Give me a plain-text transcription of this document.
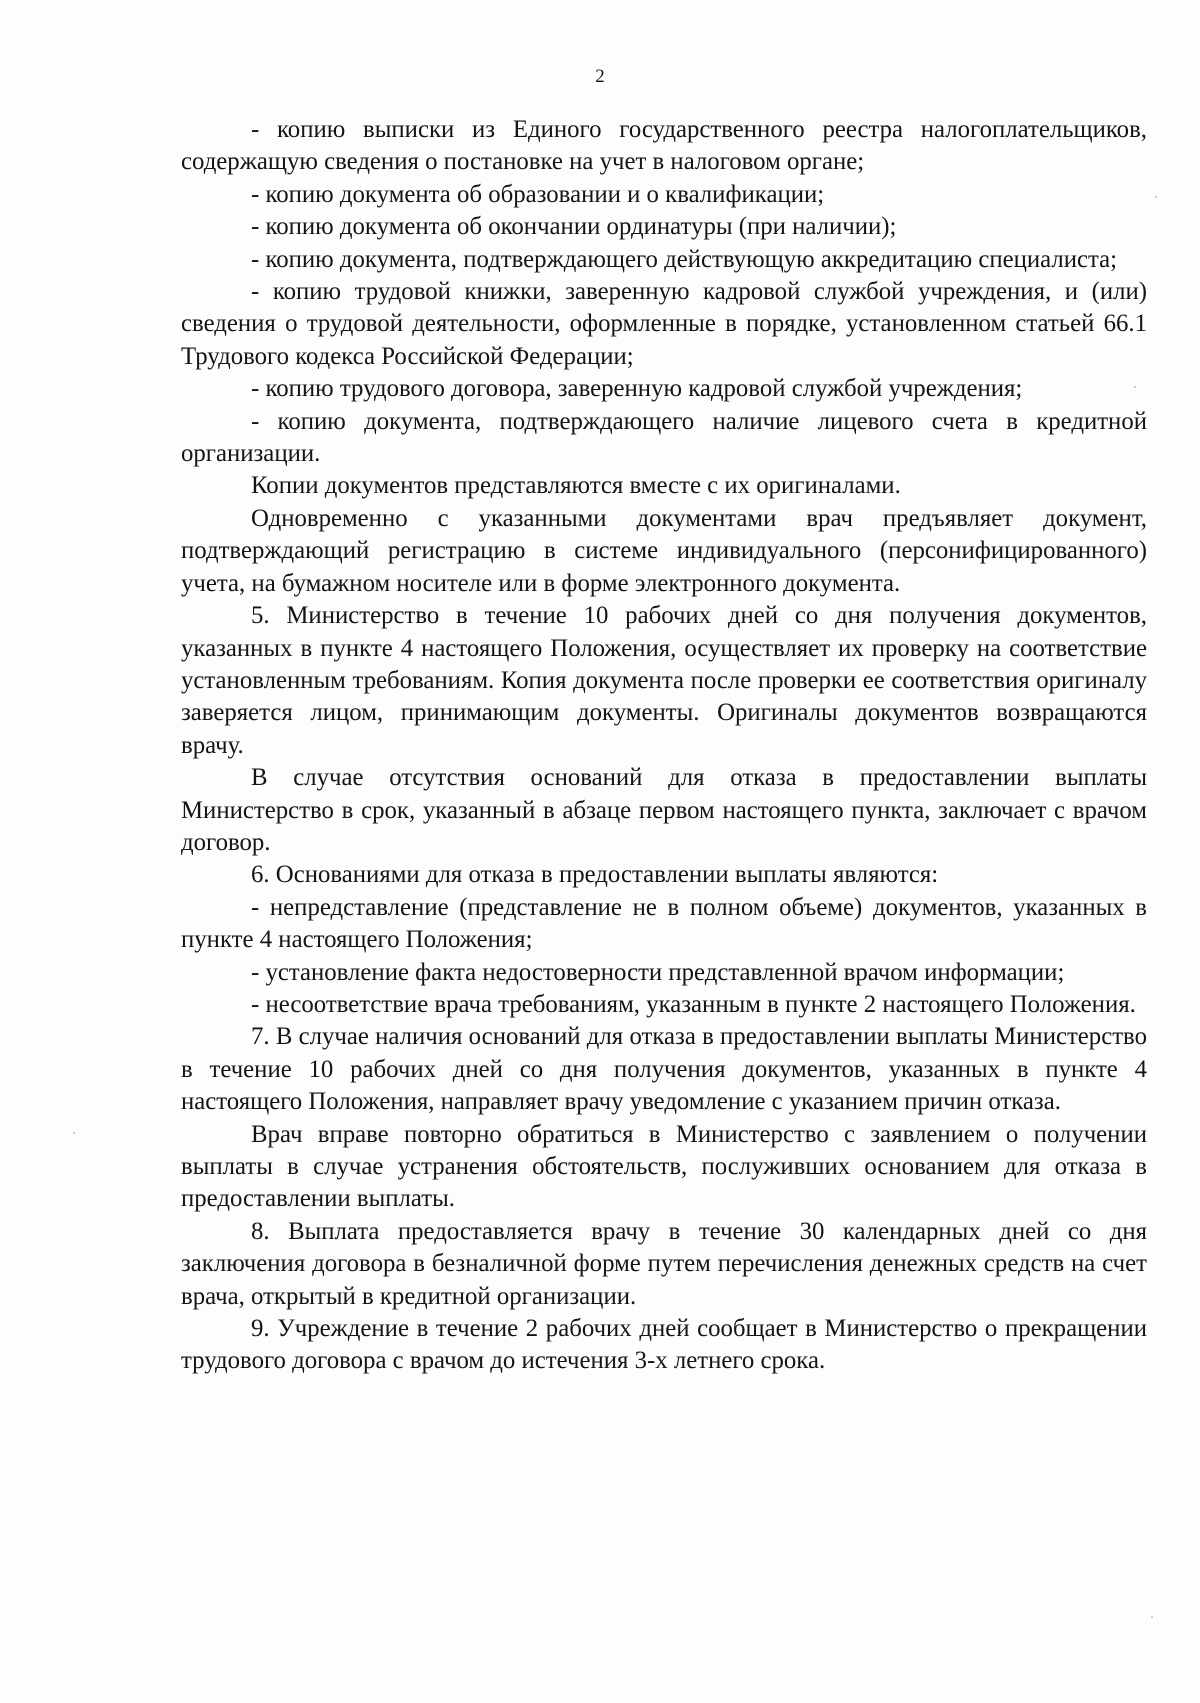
2

- копию выписки из Единого государственного реестра налогоплательщиков, содержащую сведения о постановке на учет в налоговом органе;

- копию документа об образовании и о квалификации;

- копию документа об окончании ординатуры (при наличии);

- копию документа, подтверждающего действующую аккредитацию специалиста;

- копию трудовой книжки, заверенную кадровой службой учреждения, и (или) сведения о трудовой деятельности, оформленные в порядке, установленном статьей 66.1 Трудового кодекса Российской Федерации;

- копию трудового договора, заверенную кадровой службой учреждения;

- копию документа, подтверждающего наличие лицевого счета в кредитной организации.

Копии документов представляются вместе с их оригиналами.

Одновременно с указанными документами врач предъявляет документ, подтверждающий регистрацию в системе индивидуального (персонифицированного) учета, на бумажном носителе или в форме электронного документа.

5. Министерство в течение 10 рабочих дней со дня получения документов, указанных в пункте 4 настоящего Положения, осуществляет их проверку на соответствие установленным требованиям. Копия документа после проверки ее соответствия оригиналу заверяется лицом, принимающим документы. Оригиналы документов возвращаются врачу.

В случае отсутствия оснований для отказа в предоставлении выплаты Министерство в срок, указанный в абзаце первом настоящего пункта, заключает с врачом договор.

6. Основаниями для отказа в предоставлении выплаты являются:

- непредставление (представление не в полном объеме) документов, указанных в пункте 4 настоящего Положения;

- установление факта недостоверности представленной врачом информации;

- несоответствие врача требованиям, указанным в пункте 2 настоящего Положения.

7. В случае наличия оснований для отказа в предоставлении выплаты Министерство в течение 10 рабочих дней со дня получения документов, указанных в пункте 4 настоящего Положения, направляет врачу уведомление с указанием причин отказа.

Врач вправе повторно обратиться в Министерство с заявлением о получении выплаты в случае устранения обстоятельств, послуживших основанием для отказа в предоставлении выплаты.

8. Выплата предоставляется врачу в течение 30 календарных дней со дня заключения договора в безналичной форме путем перечисления денежных средств на счет врача, открытый в кредитной организации.

9. Учреждение в течение 2 рабочих дней сообщает в Министерство о прекращении трудового договора с врачом до истечения 3-х летнего срока.
